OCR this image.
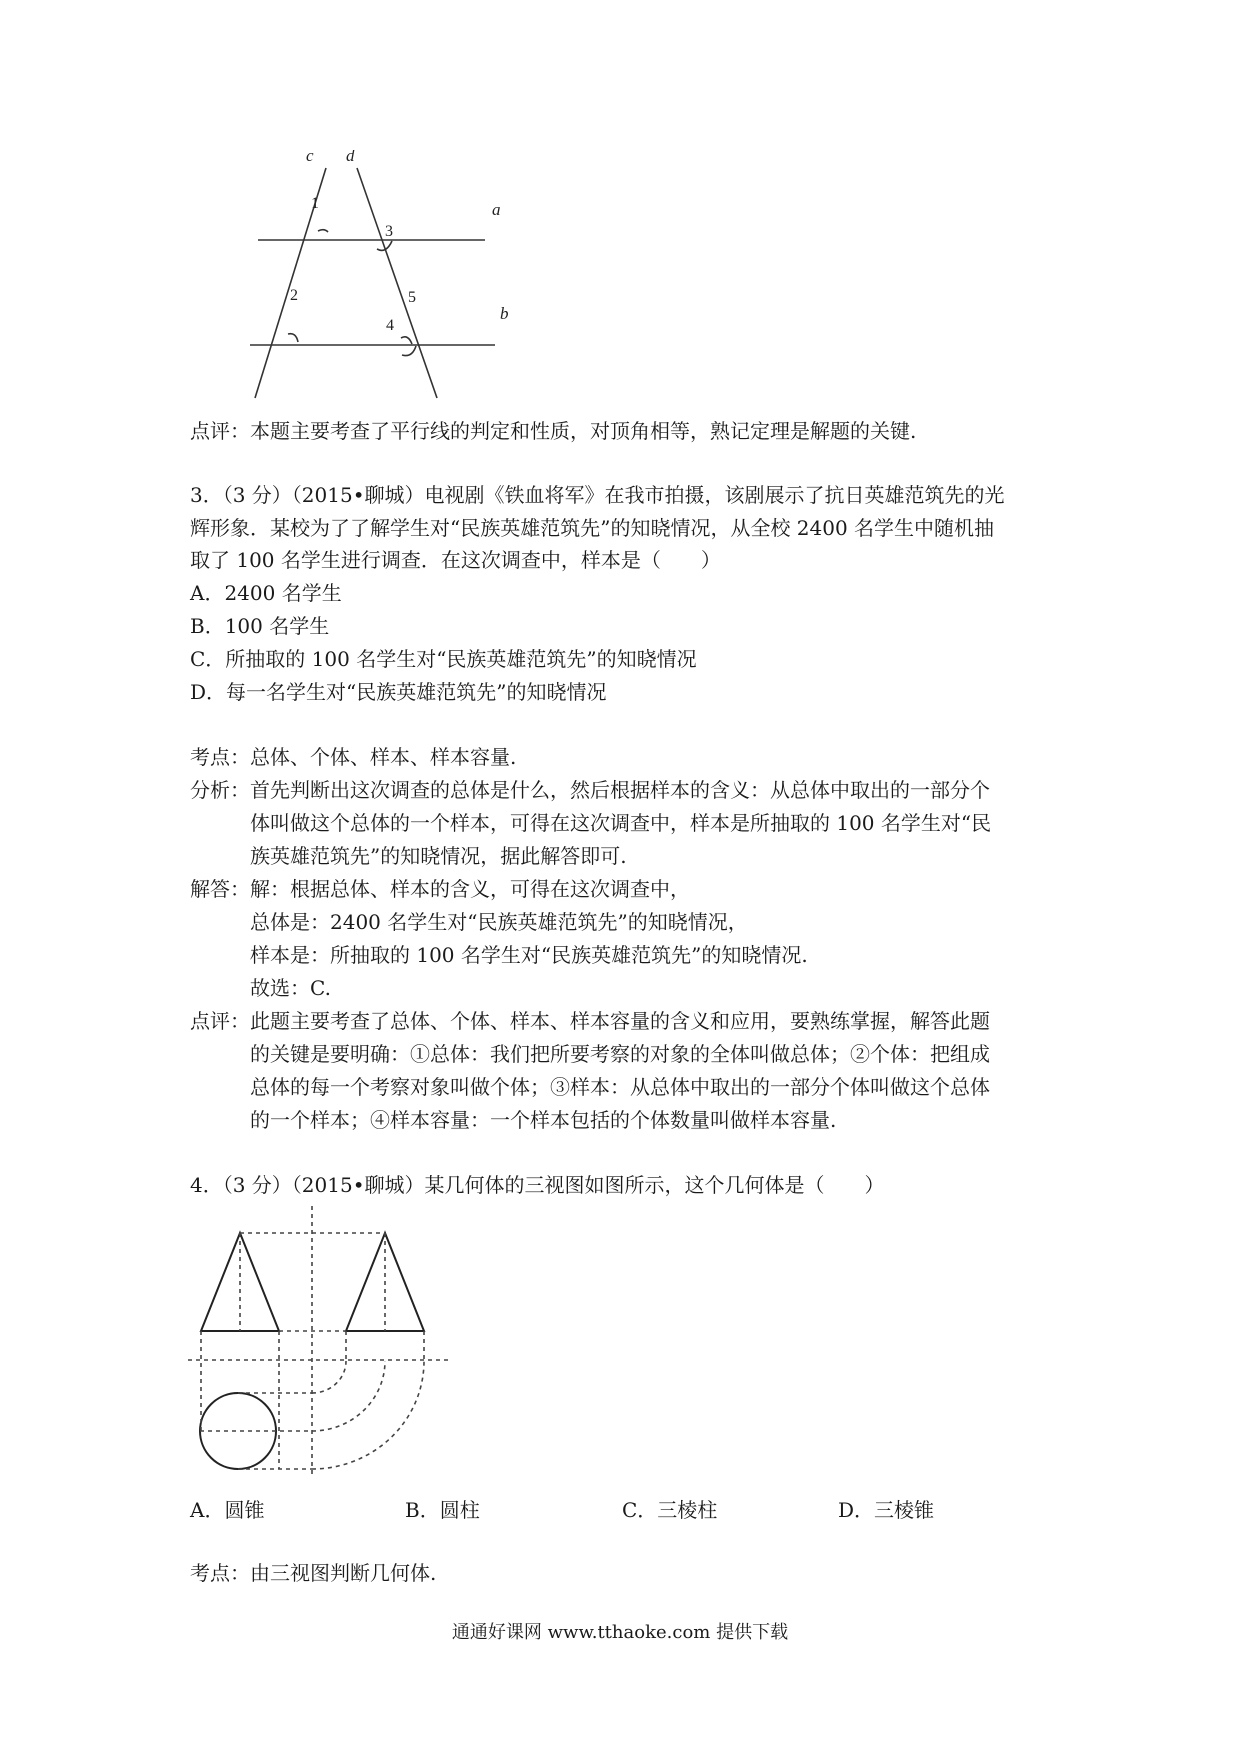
c d
a
b
1
2
3
4
5
点评：本题主要考查了平行线的判定和性质，对顶角相等，熟记定理是解题的关键.
3．（3 分）（2015•聊城）电视剧《铁血将军》在我市拍摄，该剧展示了抗日英雄范筑先的光
辉形象．某校为了了解学生对“民族英雄范筑先”的知晓情况，从全校 2400 名学生中随机抽
取了 100 名学生进行调查．在这次调查中，样本是（　　）
A．2400 名学生
B．100 名学生
C．所抽取的 100 名学生对“民族英雄范筑先”的知晓情况
D．每一名学生对“民族英雄范筑先”的知晓情况
考点：总体、个体、样本、样本容量.
分析：首先判断出这次调查的总体是什么，然后根据样本的含义：从总体中取出的一部分个
体叫做这个总体的一个样本，可得在这次调查中，样本是所抽取的 100 名学生对“民
族英雄范筑先”的知晓情况，据此解答即可.
解答：解：根据总体、样本的含义，可得在这次调查中，
总体是：2400 名学生对“民族英雄范筑先”的知晓情况，
样本是：所抽取的 100 名学生对“民族英雄范筑先”的知晓情况.
故选：C.
点评：此题主要考查了总体、个体、样本、样本容量的含义和应用，要熟练掌握，解答此题
的关键是要明确：①总体：我们把所要考察的对象的全体叫做总体；②个体：把组成
总体的每一个考察对象叫做个体；③样本：从总体中取出的一部分个体叫做这个总体
的一个样本；④样本容量：一个样本包括的个体数量叫做样本容量.
4．（3 分）（2015•聊城）某几何体的三视图如图所示，这个几何体是（　　）
A．圆锥	B．圆柱	C．三棱柱	D．三棱锥
考点：由三视图判断几何体.
通通好课网 www.tthaoke.com 提供下载
